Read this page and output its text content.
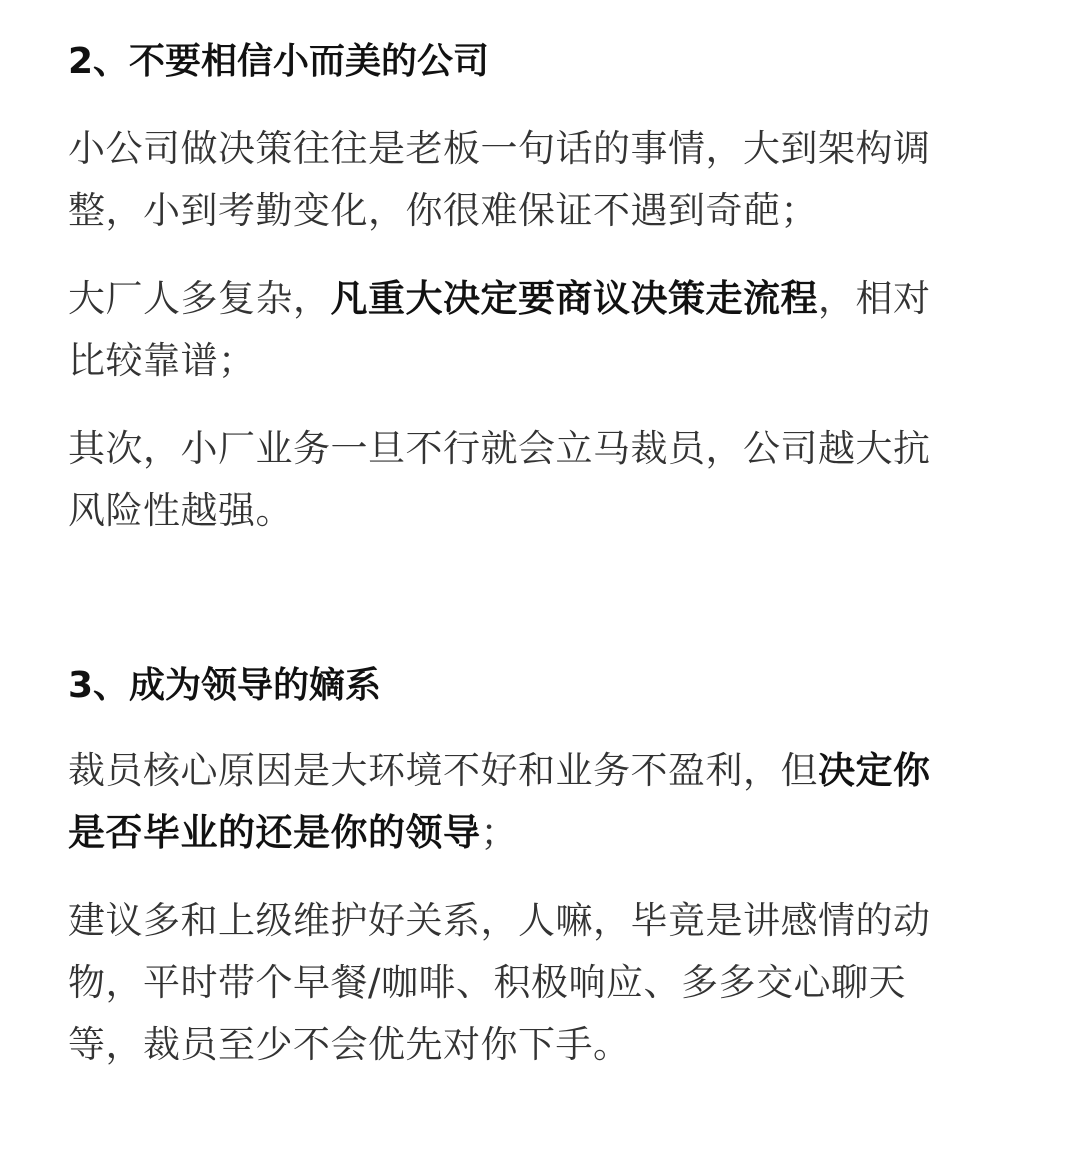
2、不要相信小而美的公司

小公司做决策往往是老板一句话的事情，大到架构调
整，小到考勤变化，你很难保证不遇到奇葩；

大厂人多复杂，凡重大决定要商议决策走流程，相对
比较靠谱；

其次，小厂业务一旦不行就会立马裁员，公司越大抗
风险性越强。

3、成为领导的嫡系

裁员核心原因是大环境不好和业务不盈利，但决定你
是否毕业的还是你的领导；

建议多和上级维护好关系，人嘛，毕竟是讲感情的动
物，平时带个早餐/咖啡、积极响应、多多交心聊天
等，裁员至少不会优先对你下手。
